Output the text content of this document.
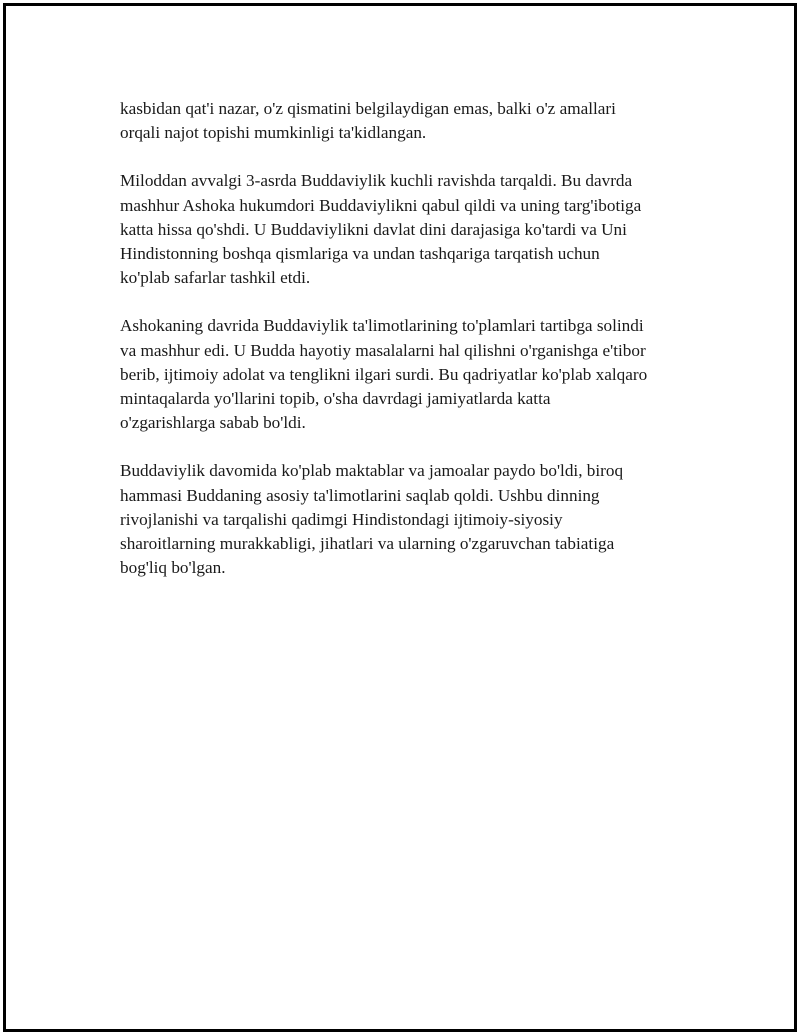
kasbidan qat'i nazar, o'z qismatini belgilaydigan emas, balki o'z amallari
orqali najot topishi mumkinligi ta'kidlangan.

Miloddan avvalgi 3-asrda Buddaviylik kuchli ravishda tarqaldi. Bu davrda
mashhur Ashoka hukumdori Buddaviylikni qabul qildi va uning targ'ibotiga
katta hissa qo'shdi. U Buddaviylikni davlat dini darajasiga ko'tardi va Uni
Hindistonning boshqa qismlariga va undan tashqariga tarqatish uchun
ko'plab safarlar tashkil etdi.

Ashokaning davrida Buddaviylik ta'limotlarining to'plamlari tartibga solindi
va mashhur edi. U Budda hayotiy masalalarni hal qilishni o'rganishga e'tibor
berib, ijtimoiy adolat va tenglikni ilgari surdi. Bu qadriyatlar ko'plab xalqaro
mintaqalarda yo'llarini topib, o'sha davrdagi jamiyatlarda katta
o'zgarishlarga sabab bo'ldi.

Buddaviylik davomida ko'plab maktablar va jamoalar paydo bo'ldi, biroq
hammasi Buddaning asosiy ta'limotlarini saqlab qoldi. Ushbu dinning
rivojlanishi va tarqalishi qadimgi Hindistondagi ijtimoiy-siyosiy
sharoitlarning murakkabligi, jihatlari va ularning o'zgaruvchan tabiatiga
bog'liq bo'lgan.
